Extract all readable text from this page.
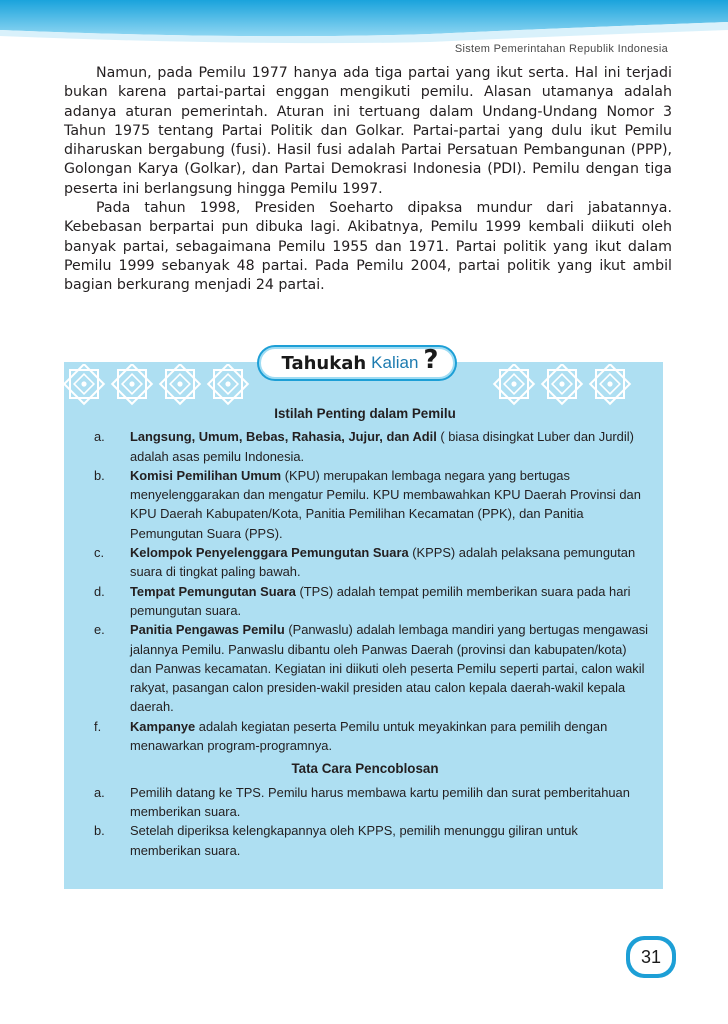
Sistem Pemerintahan Republik Indonesia

Namun, pada Pemilu 1977 hanya ada tiga partai yang ikut serta. Hal ini terjadi bukan karena partai-partai enggan mengikuti pemilu. Alasan utamanya adalah adanya aturan pemerintah. Aturan ini tertuang dalam Undang-Undang Nomor 3 Tahun 1975 tentang Partai Politik dan Golkar. Partai-partai yang dulu ikut Pemilu diharuskan bergabung (fusi). Hasil fusi adalah Partai Persatuan Pembangunan (PPP), Golongan Karya (Golkar), dan Partai Demokrasi Indonesia (PDI). Pemilu dengan tiga peserta ini berlangsung hingga Pemilu 1997.

Pada tahun 1998, Presiden Soeharto dipaksa mundur dari jabatannya. Kebebasan berpartai pun dibuka lagi. Akibatnya, Pemilu 1999 kembali diikuti oleh banyak partai, sebagaimana Pemilu 1955 dan 1971. Partai politik yang ikut dalam Pemilu 1999 sebanyak 48 partai. Pada Pemilu 2004, partai politik yang ikut ambil bagian berkurang menjadi 24 partai.

Tahukah Kalian ?
Istilah Penting dalam Pemilu
a.	Langsung, Umum, Bebas, Rahasia, Jujur, dan Adil ( biasa disingkat Luber dan Jurdil) adalah asas pemilu Indonesia.
b.	Komisi Pemilihan Umum (KPU) merupakan lembaga negara yang bertugas menyelenggarakan dan mengatur Pemilu. KPU membawahkan KPU Daerah Provinsi dan KPU Daerah Kabupaten/Kota, Panitia Pemilihan Kecamatan (PPK), dan Panitia Pemungutan Suara (PPS).
c.	Kelompok Penyelenggara Pemungutan Suara (KPPS) adalah pelaksana pemungutan suara di tingkat paling bawah.
d.	Tempat Pemungutan Suara (TPS) adalah tempat pemilih memberikan suara pada hari pemungutan suara.
e.	Panitia Pengawas Pemilu (Panwaslu) adalah lembaga mandiri yang bertugas mengawasi jalannya Pemilu. Panwaslu dibantu oleh Panwas Daerah (provinsi dan kabupaten/kota) dan Panwas kecamatan. Kegiatan ini diikuti oleh peserta Pemilu seperti partai, calon wakil rakyat, pasangan calon presiden-wakil presiden atau calon kepala daerah-wakil kepala daerah.
f.	Kampanye adalah kegiatan peserta Pemilu untuk meyakinkan para pemilih dengan menawarkan program-programnya.
Tata Cara Pencoblosan
a.	Pemilih datang ke TPS. Pemilu harus membawa kartu pemilih dan surat pemberitahuan memberikan suara.
b.	Setelah diperiksa kelengkapannya oleh KPPS, pemilih menunggu giliran untuk memberikan suara.
31
